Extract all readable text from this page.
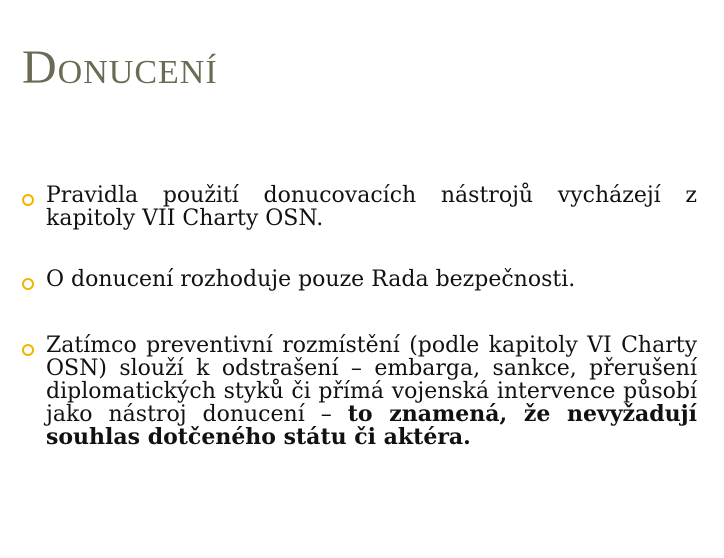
Donucení
Pravidla použití donucovacích nástrojů vycházejí z kapitoly VII Charty OSN.
O donucení rozhoduje pouze Rada bezpečnosti.
Zatímco preventivní rozmístění (podle kapitoly VI Charty OSN) slouží k odstrašení – embarga, sankce, přerušení diplomatických styků či přímá vojenská intervence působí jako nástroj donucení – to znamená, že nevyžadují souhlas dotčeného státu či aktéra.
